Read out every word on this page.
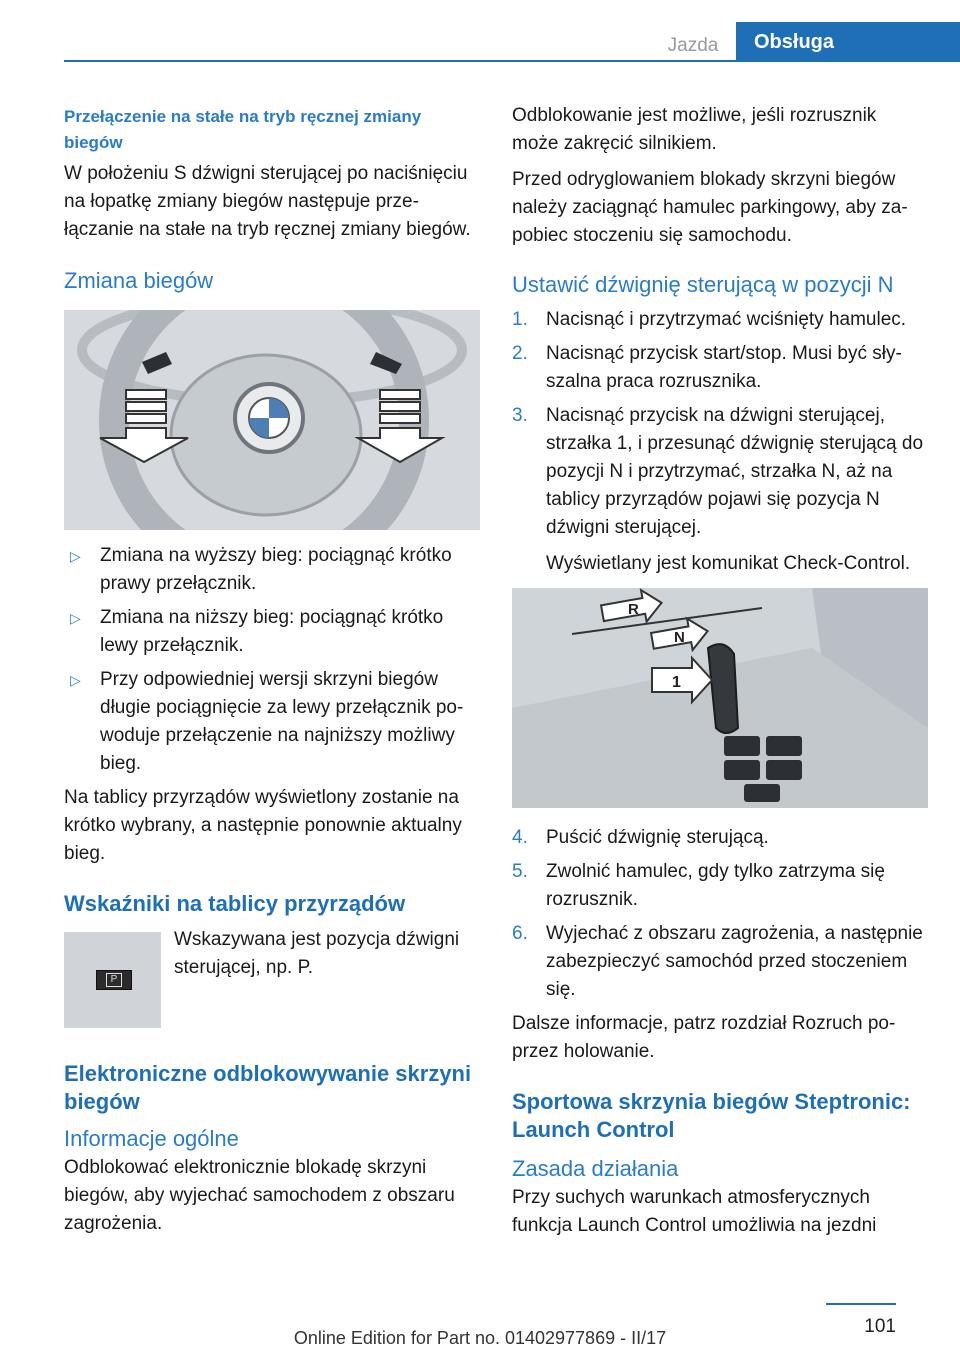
Jazda	Obsługa
Przełączenie na stałe na tryb ręcznej zmiany biegów

W położeniu S dźwigni sterującej po naciśnięciu na łopatkę zmiany biegów następuje przełączanie na stałe na tryb ręcznej zmiany biegów.

Zmiana biegów
▷ Zmiana na wyższy bieg: pociągnąć krótko prawy przełącznik.
▷ Zmiana na niższy bieg: pociągnąć krótko lewy przełącznik.
▷ Przy odpowiedniej wersji skrzyni biegów długie pociągnięcie za lewy przełącznik powoduje przełączenie na najniższy możliwy bieg.

Na tablicy przyrządów wyświetlony zostanie na krótko wybrany, a następnie ponownie aktualny bieg.

Wskaźniki na tablicy przyrządów
P
Wskazywana jest pozycja dźwigni sterującej, np. P.
Elektroniczne odblokowywanie skrzyni biegów
Informacje ogólne

Odblokować elektronicznie blokadę skrzyni biegów, aby wyjechać samochodem z obszaru zagrożenia.

Odblokowanie jest możliwe, jeśli rozrusznik może zakręcić silnikiem.

Przed odryglowaniem blokady skrzyni biegów należy zaciągnąć hamulec parkingowy, aby zapobiec stoczeniu się samochodu.

Ustawić dźwignię sterującą w pozycji N
1. Nacisnąć i przytrzymać wciśnięty hamulec.
2. Nacisnąć przycisk start/stop. Musi być słyszalna praca rozrusznika.
3. Nacisnąć przycisk na dźwigni sterującej, strzałka 1, i przesunąć dźwignię sterującą do pozycji N i przytrzymać, strzałka N, aż na tablicy przyrządów pojawi się pozycja N dźwigni sterującej.
Wyświetlany jest komunikat Check-Control.
R
N
1
4. Puścić dźwignię sterującą.
5. Zwolnić hamulec, gdy tylko zatrzyma się rozrusznik.
6. Wyjechać z obszaru zagrożenia, a następnie zabezpieczyć samochód przed stoczeniem się.

Dalsze informacje, patrz rozdział Rozruch poprzez holowanie.

Sportowa skrzynia biegów Steptronic: Launch Control
Zasada działania

Przy suchych warunkach atmosferycznych funkcja Launch Control umożliwia na jezdni

101
Online Edition for Part no. 01402977869 - II/17
